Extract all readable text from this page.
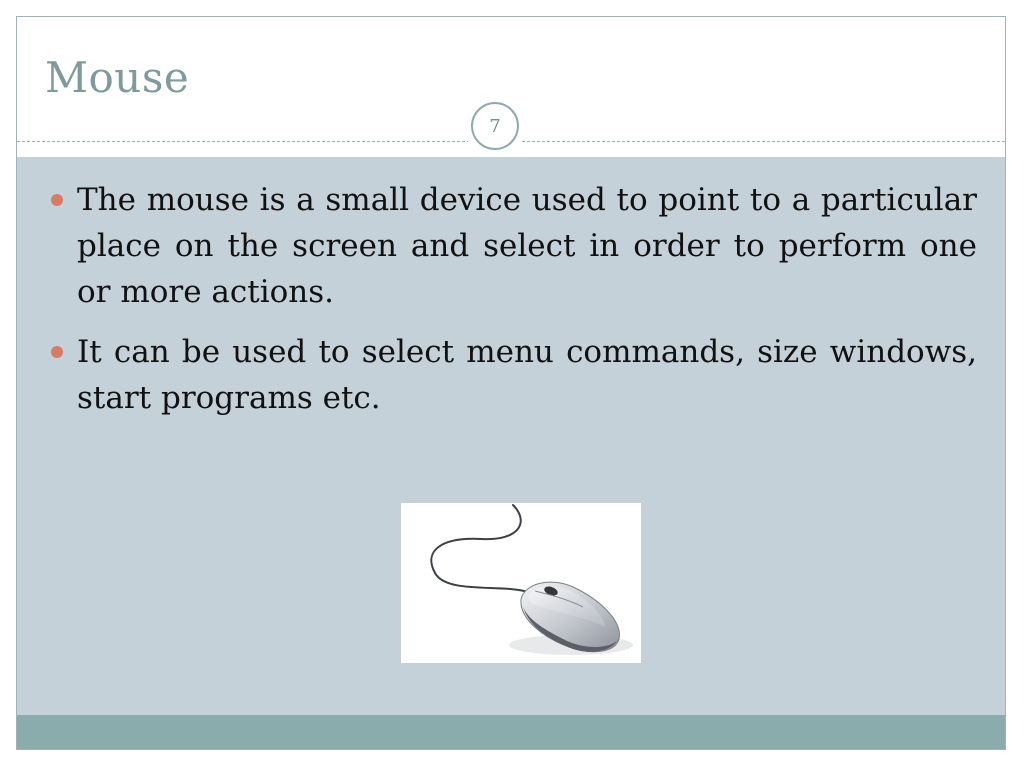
Mouse
The mouse is a small device used to point to a particular place on the screen and select in order to perform one or more actions.
It can be used to select menu commands, size windows, start programs etc.
7
